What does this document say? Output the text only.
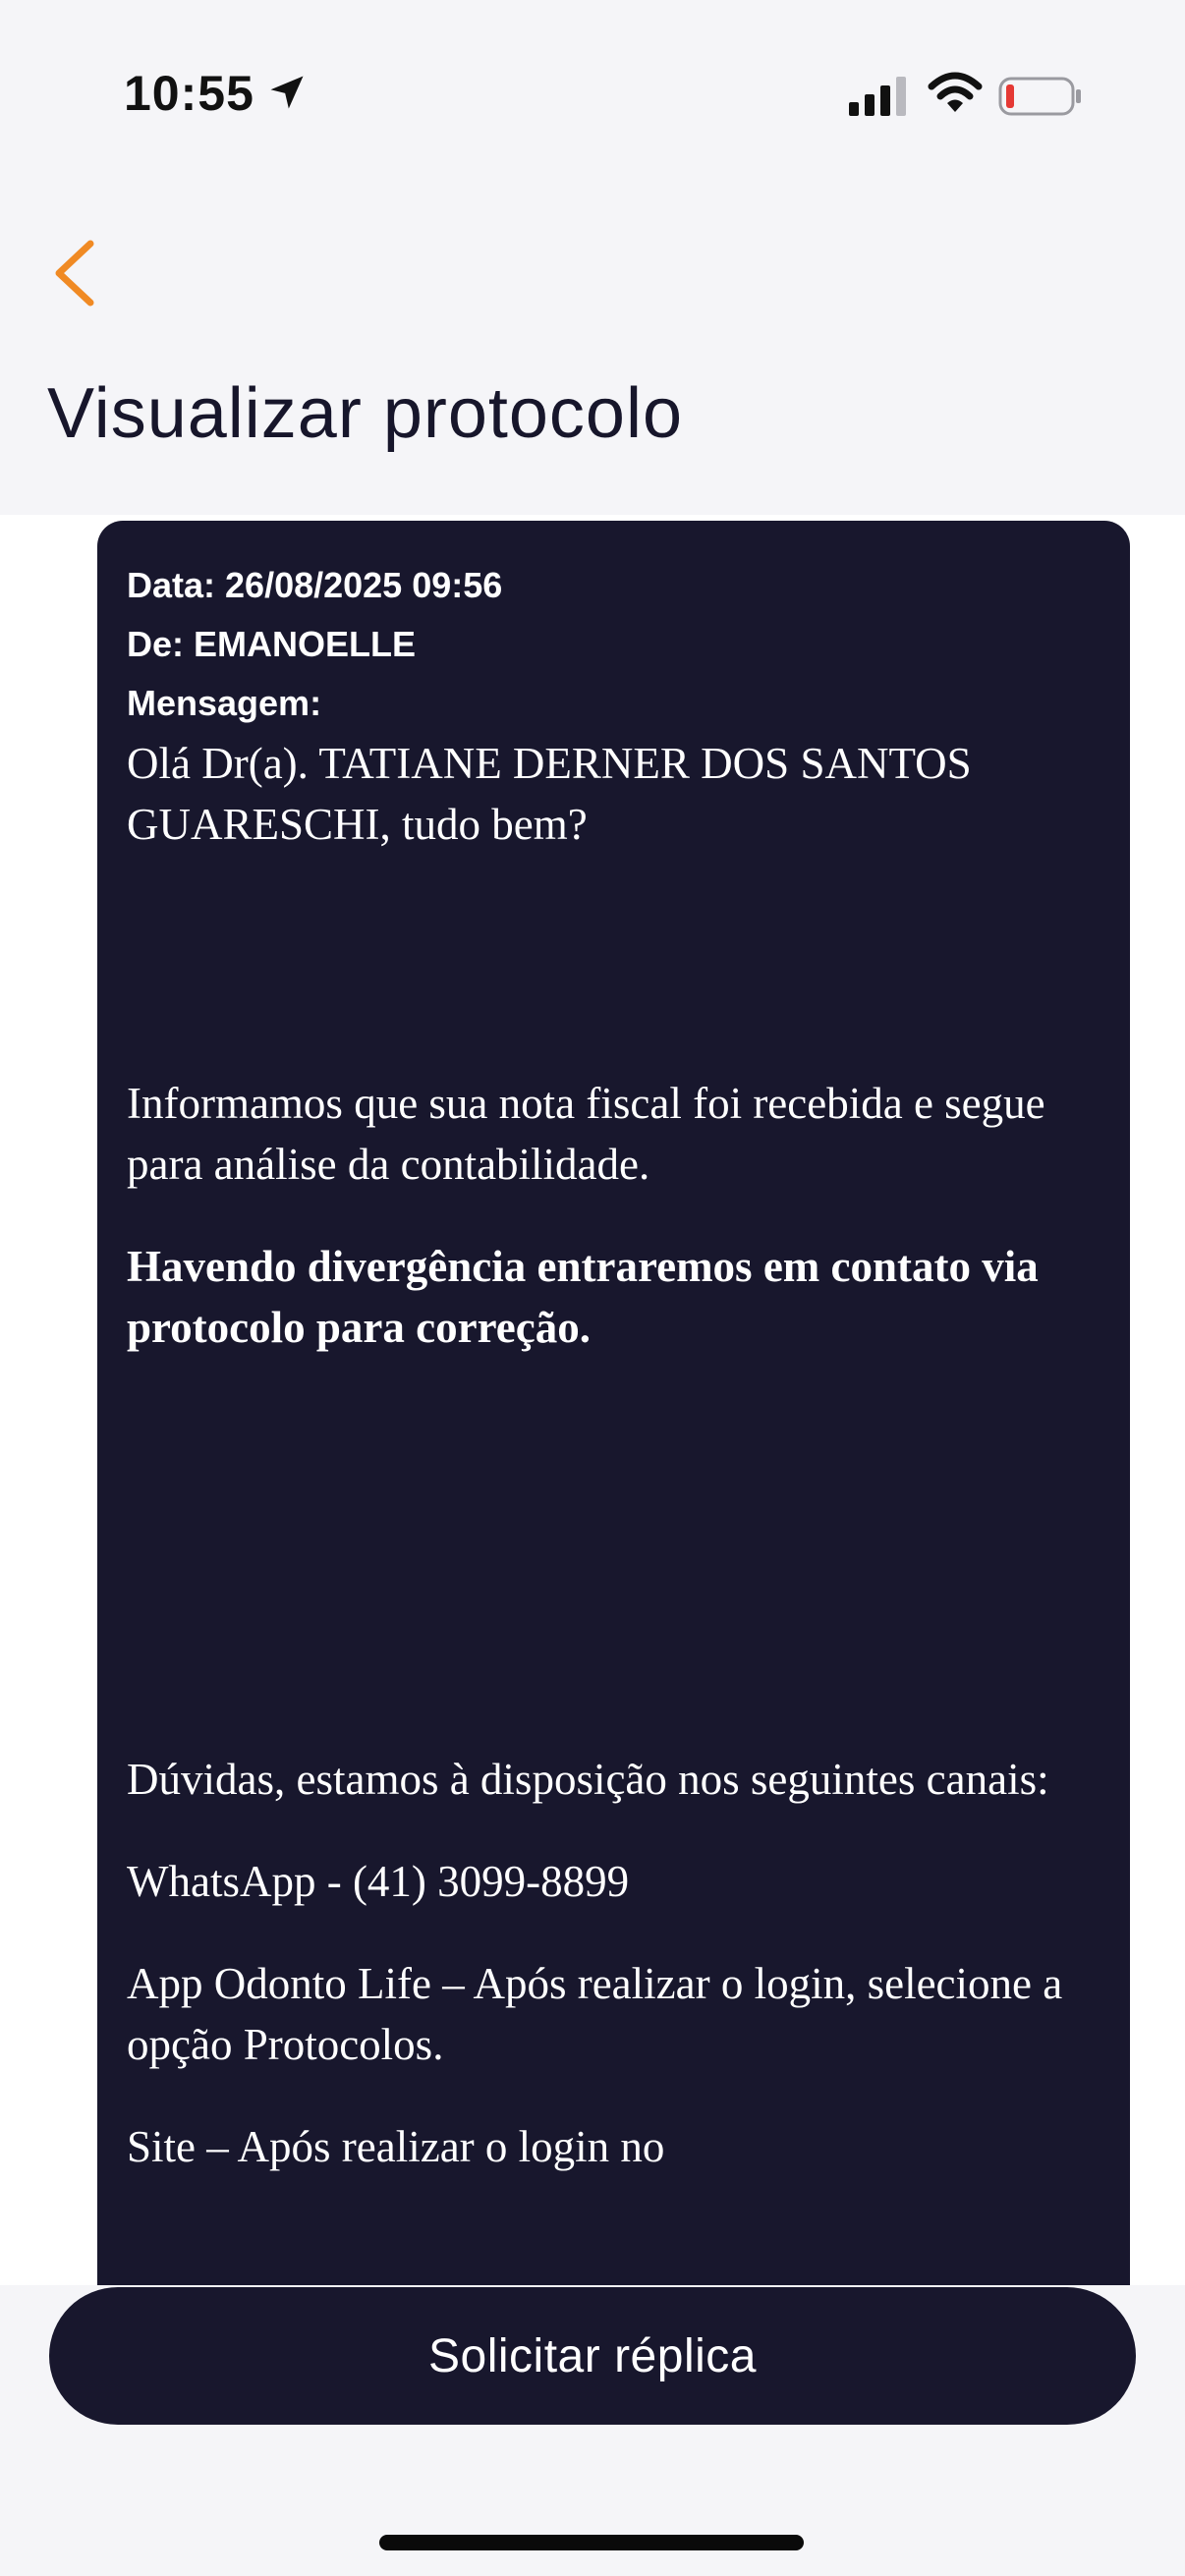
10:55
Visualizar protocolo
Data: 26/08/2025 09:56
De: EMANOELLE
Mensagem:

Olá Dr(a). TATIANE DERNER DOS SANTOS GUARESCHI, tudo bem?

Informamos que sua nota fiscal foi recebida e segue para análise da contabilidade.

Havendo divergência entraremos em contato via protocolo para correção.

Dúvidas, estamos à disposição nos seguintes canais:

WhatsApp - (41) 3099-8899

App Odonto Life – Após realizar o login, selecione a opção Protocolos.

Site – Após realizar o login no

Solicitar réplica
